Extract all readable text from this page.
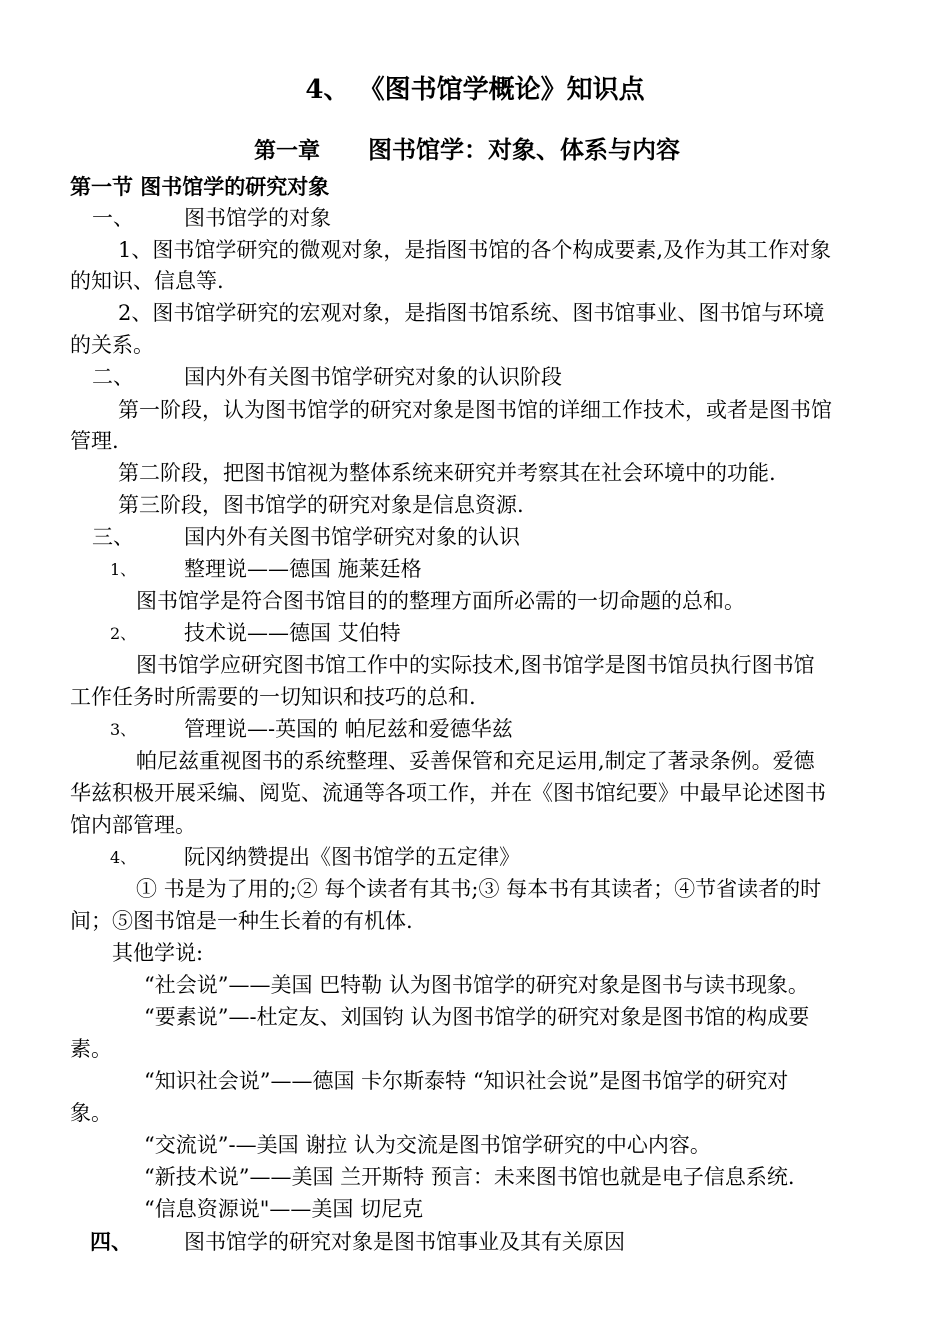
4、 《图书馆学概论》知识点
第一章 图书馆学：对象、体系与内容
第一节 图书馆学的研究对象
一、 图书馆学的对象
1、图书馆学研究的微观对象，是指图书馆的各个构成要素,及作为其工作对象
的知识、信息等.
2、图书馆学研究的宏观对象，是指图书馆系统、图书馆事业、图书馆与环境
的关系。
二、 国内外有关图书馆学研究对象的认识阶段
第一阶段，认为图书馆学的研究对象是图书馆的详细工作技术，或者是图书馆
管理.
第二阶段，把图书馆视为整体系统来研究并考察其在社会环境中的功能.
第三阶段，图书馆学的研究对象是信息资源.
三、 国内外有关图书馆学研究对象的认识
1、 整理说——德国 施莱廷格
图书馆学是符合图书馆目的的整理方面所必需的一切命题的总和。
2、 技术说——德国 艾伯特
图书馆学应研究图书馆工作中的实际技术,图书馆学是图书馆员执行图书馆
工作任务时所需要的一切知识和技巧的总和.
3、 管理说—-英国的 帕尼兹和爱德华兹
帕尼兹重视图书的系统整理、妥善保管和充足运用,制定了著录条例。爱德
华兹积极开展采编、阅览、流通等各项工作，并在《图书馆纪要》中最早论述图书
馆内部管理。
4、 阮冈纳赞提出《图书馆学的五定律》
① 书是为了用的;② 每个读者有其书;③ 每本书有其读者；④节省读者的时
间；⑤图书馆是一种生长着的有机体.
其他学说:
“社会说”——美国 巴特勒 认为图书馆学的研究对象是图书与读书现象。
“要素说”—-杜定友、刘国钧 认为图书馆学的研究对象是图书馆的构成要
素。
“知识社会说”——德国 卡尔斯泰特 “知识社会说”是图书馆学的研究对
象。
“交流说”-—美国 谢拉 认为交流是图书馆学研究的中心内容。
“新技术说”——美国 兰开斯特 预言：未来图书馆也就是电子信息系统.
“信息资源说"——美国 切尼克
四、 图书馆学的研究对象是图书馆事业及其有关原因
